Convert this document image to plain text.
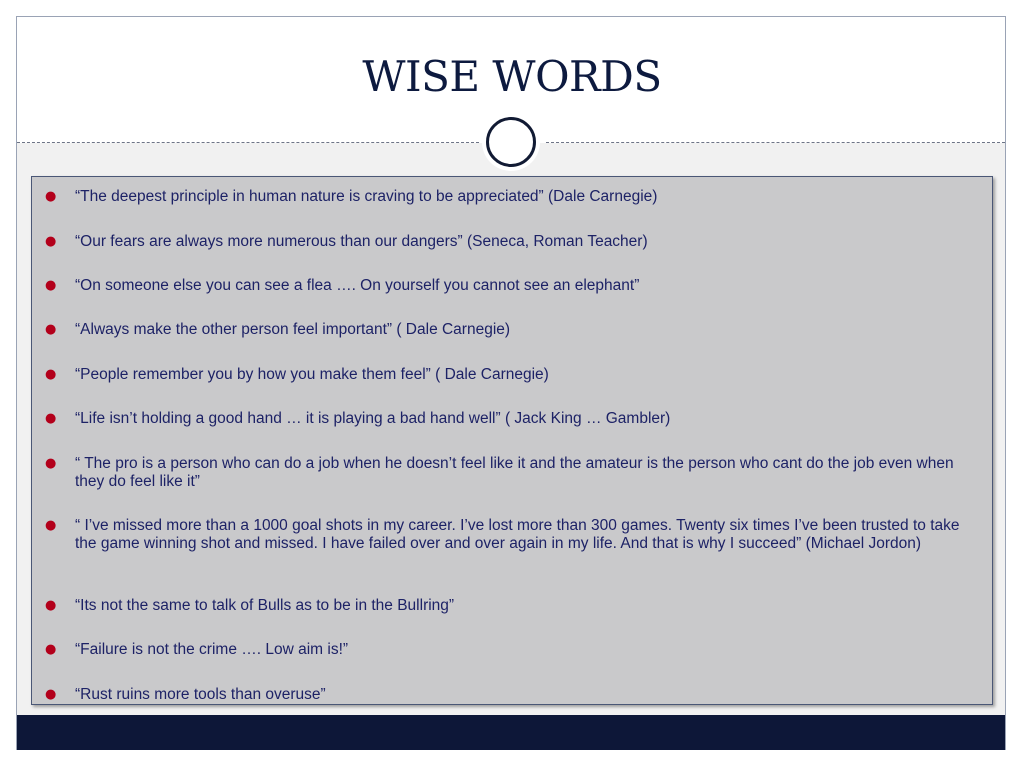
WISE WORDS
● “The deepest principle in human nature is craving to be appreciated” (Dale Carnegie)
● “Our fears are always more numerous than our dangers” (Seneca, Roman Teacher)
● “On someone else you can see a flea …. On yourself you cannot see an elephant”
● “Always make the other person feel important” ( Dale Carnegie)
● “People remember you by how you make them feel” ( Dale Carnegie)
● “Life isn’t holding a good hand … it is playing a bad hand well” ( Jack King … Gambler)
● “ The pro is a person who can do a job when he doesn’t feel like it and the amateur is the person who cant do the job even when they do feel like it”
● “ I’ve missed more than a 1000 goal shots in my career. I’ve lost more than 300 games. Twenty six times I’ve been trusted to take the game winning shot and missed. I have failed over and over again in my life. And that is why I succeed” (Michael Jordon)
● “Its not the same to talk of Bulls as to be in the Bullring”
● “Failure is not the crime …. Low aim is!”
● “Rust ruins more tools than overuse”
